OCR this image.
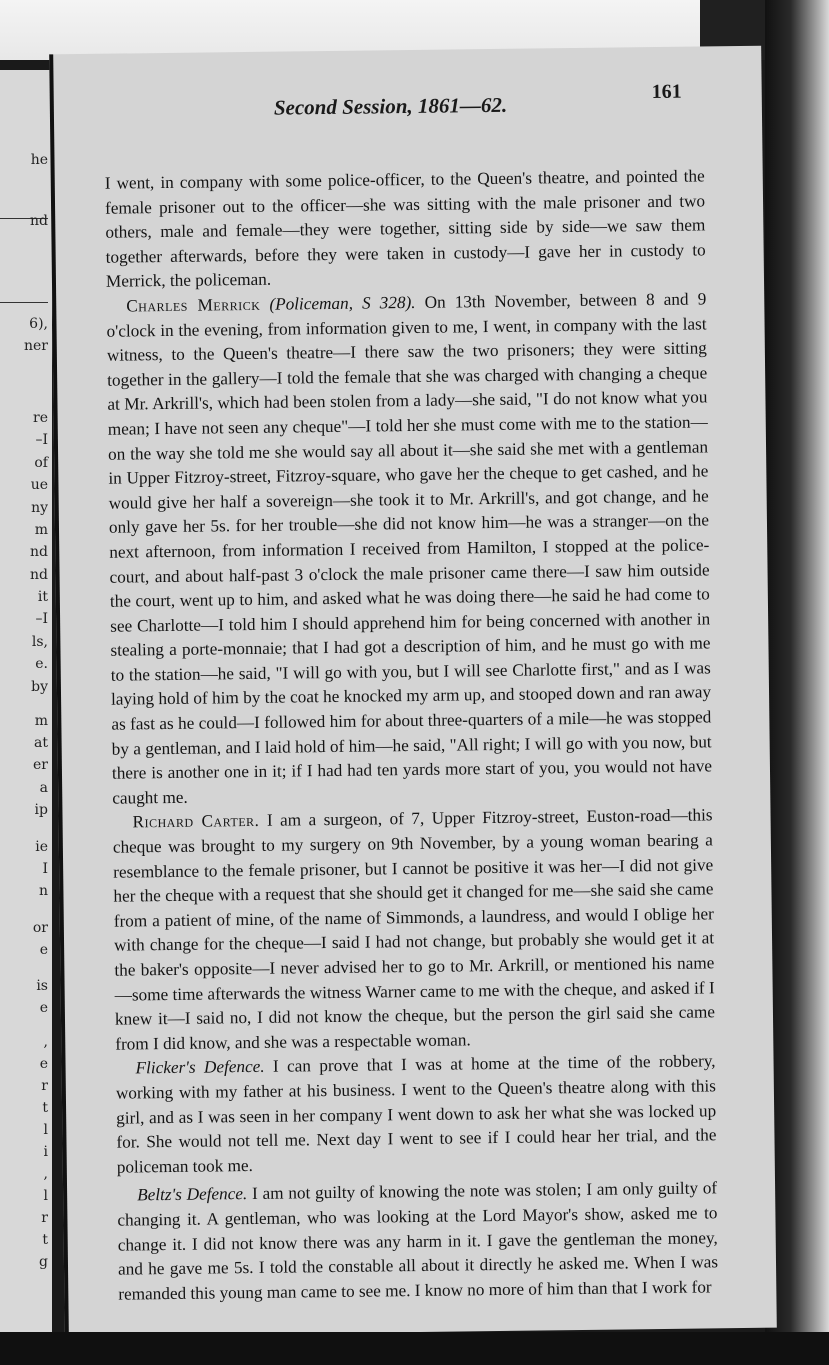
he
nd
6),
ner
re
–I
of
ue
ny
m
nd
nd
it
–I
ls,
e.
by
m
at
er
a
ip
ie
I
n
or
e
is
e
,
e
r
t
l
i
,
l
r
t
g
Second Session, 1861—62.
161

I went, in company with some police-officer, to the Queen's theatre, and pointed the female prisoner out to the officer—she was sitting with the male prisoner and two others, male and female—they were together, sitting side by side—we saw them together afterwards, before they were taken in custody—I gave her in custody to Merrick, the policeman.

Charles Merrick (Policeman, S 328). On 13th November, between 8 and 9 o'clock in the evening, from information given to me, I went, in company with the last witness, to the Queen's theatre—I there saw the two prisoners; they were sitting together in the gallery—I told the female that she was charged with changing a cheque at Mr. Arkrill's, which had been stolen from a lady—she said, "I do not know what you mean; I have not seen any cheque"—I told her she must come with me to the station—on the way she told me she would say all about it—she said she met with a gentleman in Upper Fitzroy-street, Fitzroy-square, who gave her the cheque to get cashed, and he would give her half a sovereign—she took it to Mr. Arkrill's, and got change, and he only gave her 5s. for her trouble—she did not know him—he was a stranger—on the next afternoon, from information I received from Hamilton, I stopped at the police-court, and about half-past 3 o'clock the male prisoner came there—I saw him outside the court, went up to him, and asked what he was doing there—he said he had come to see Charlotte—I told him I should apprehend him for being concerned with another in stealing a porte-monnaie; that I had got a description of him, and he must go with me to the station—he said, "I will go with you, but I will see Charlotte first," and as I was laying hold of him by the coat he knocked my arm up, and stooped down and ran away as fast as he could—I followed him for about three-quarters of a mile—he was stopped by a gentleman, and I laid hold of him—he said, "All right; I will go with you now, but there is another one in it; if I had had ten yards more start of you, you would not have caught me.

Richard Carter. I am a surgeon, of 7, Upper Fitzroy-street, Euston-road—this cheque was brought to my surgery on 9th November, by a young woman bearing a resemblance to the female prisoner, but I cannot be positive it was her—I did not give her the cheque with a request that she should get it changed for me—she said she came from a patient of mine, of the name of Simmonds, a laundress, and would I oblige her with change for the cheque—I said I had not change, but probably she would get it at the baker's opposite—I never advised her to go to Mr. Arkrill, or mentioned his name—some time afterwards the witness Warner came to me with the cheque, and asked if I knew it—I said no, I did not know the cheque, but the person the girl said she came from I did know, and she was a respectable woman.

Flicker's Defence. I can prove that I was at home at the time of the robbery, working with my father at his business. I went to the Queen's theatre along with this girl, and as I was seen in her company I went down to ask her what she was locked up for. She would not tell me. Next day I went to see if I could hear her trial, and the policeman took me.

Beltz's Defence. I am not guilty of knowing the note was stolen; I am only guilty of changing it. A gentleman, who was looking at the Lord Mayor's show, asked me to change it. I did not know there was any harm in it. I gave the gentleman the money, and he gave me 5s. I told the constable all about it directly he asked me. When I was remanded this young man came to see me. I know no more of him than that I work for
